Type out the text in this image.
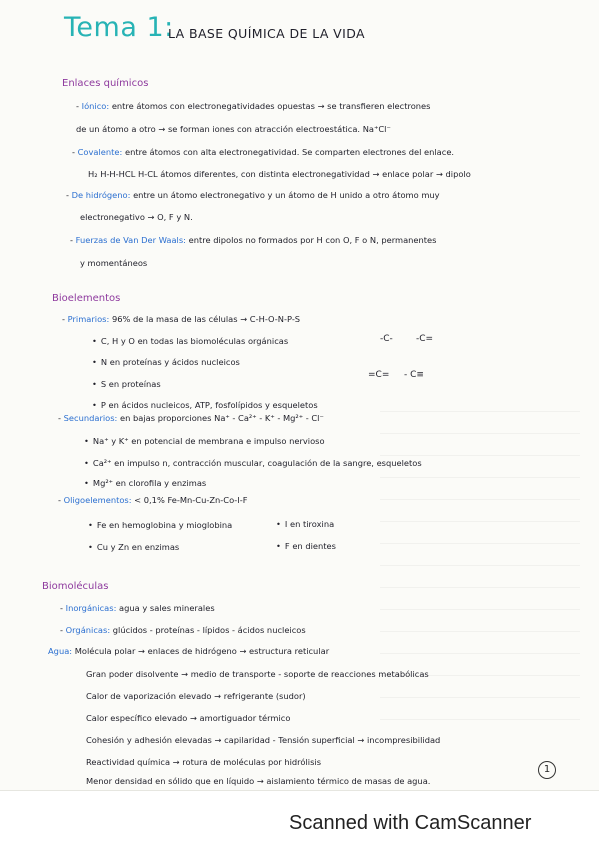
Tema 1:
LA BASE QUÍMICA DE LA VIDA
Enlaces químicos
- Iónico: entre átomos con electronegatividades opuestas → se transfieren electrones
de un átomo a otro → se forman iones con atracción electroestática. Na⁺Cl⁻
- Covalente: entre átomos con alta electronegatividad. Se comparten electrones del enlace.
H₂ H-H-HCL H-CL átomos diferentes, con distinta electronegatividad → enlace polar → dipolo
- De hidrógeno: entre un átomo electronegativo y un átomo de H unido a otro átomo muy
electronegativo → O, F y N.
- Fuerzas de Van Der Waals: entre dipolos no formados por H con O, F o N, permanentes
y momentáneos
Bioelementos
- Primarios: 96% de la masa de las células → C-H-O-N-P-S
• C, H y O en todas las biomoléculas orgánicas
• N en proteínas y ácidos nucleicos
• S en proteínas
• P en ácidos nucleicos, ATP, fosfolípidos y esqueletos
-C-	-C=
=C= - C≡
- Secundarios: en bajas proporciones Na⁺ - Ca²⁺ - K⁺ - Mg²⁺ - Cl⁻
• Na⁺ y K⁺ en potencial de membrana e impulso nervioso
• Ca²⁺ en impulso n, contracción muscular, coagulación de la sangre, esqueletos
• Mg²⁺ en clorofila y enzimas
- Oligoelementos: < 0,1% Fe-Mn-Cu-Zn-Co-I-F
• Fe en hemoglobina y mioglobina
• Cu y Zn en enzimas
• I en tiroxina
• F en dientes
Biomoléculas
- Inorgánicas: agua y sales minerales
- Orgánicas: glúcidos - proteínas - lípidos - ácidos nucleicos
Agua: Molécula polar → enlaces de hidrógeno → estructura reticular
Gran poder disolvente → medio de transporte - soporte de reacciones metabólicas
Calor de vaporización elevado → refrigerante (sudor)
Calor específico elevado → amortiguador térmico
Cohesión y adhesión elevadas → capilaridad - Tensión superficial → incompresibilidad
Reactividad química → rotura de moléculas por hidrólisis
Menor densidad en sólido que en líquido → aislamiento térmico de masas de agua.
1
Scanned with CamScanner
